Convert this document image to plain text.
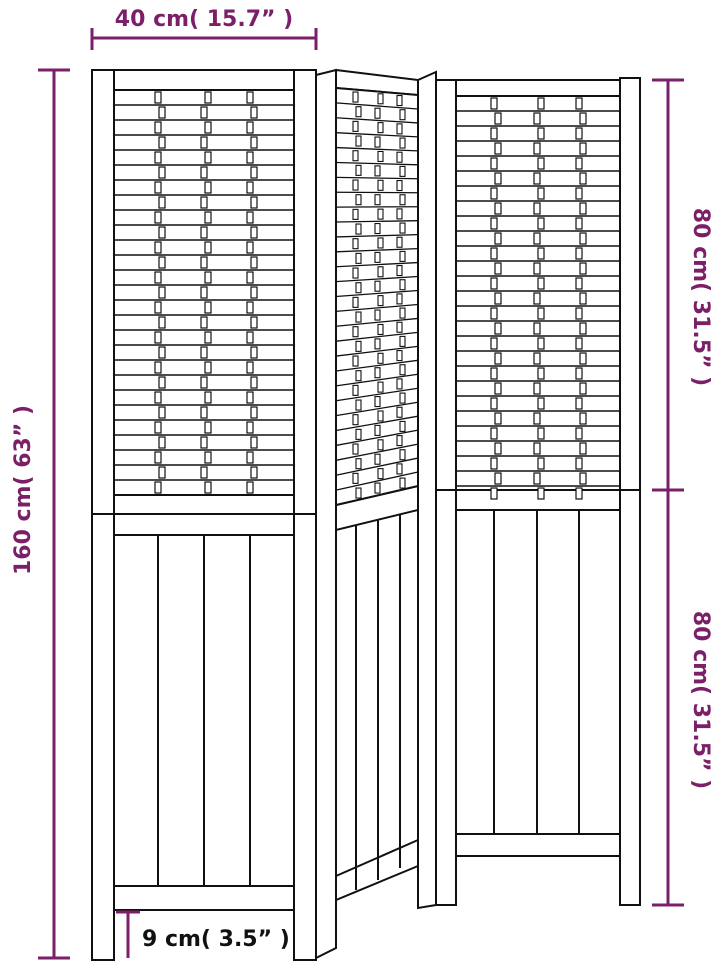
40 cm( 15.7” )
160 cm( 63” )
80 cm( 31.5” )
80 cm( 31.5” )
9 cm( 3.5” )
